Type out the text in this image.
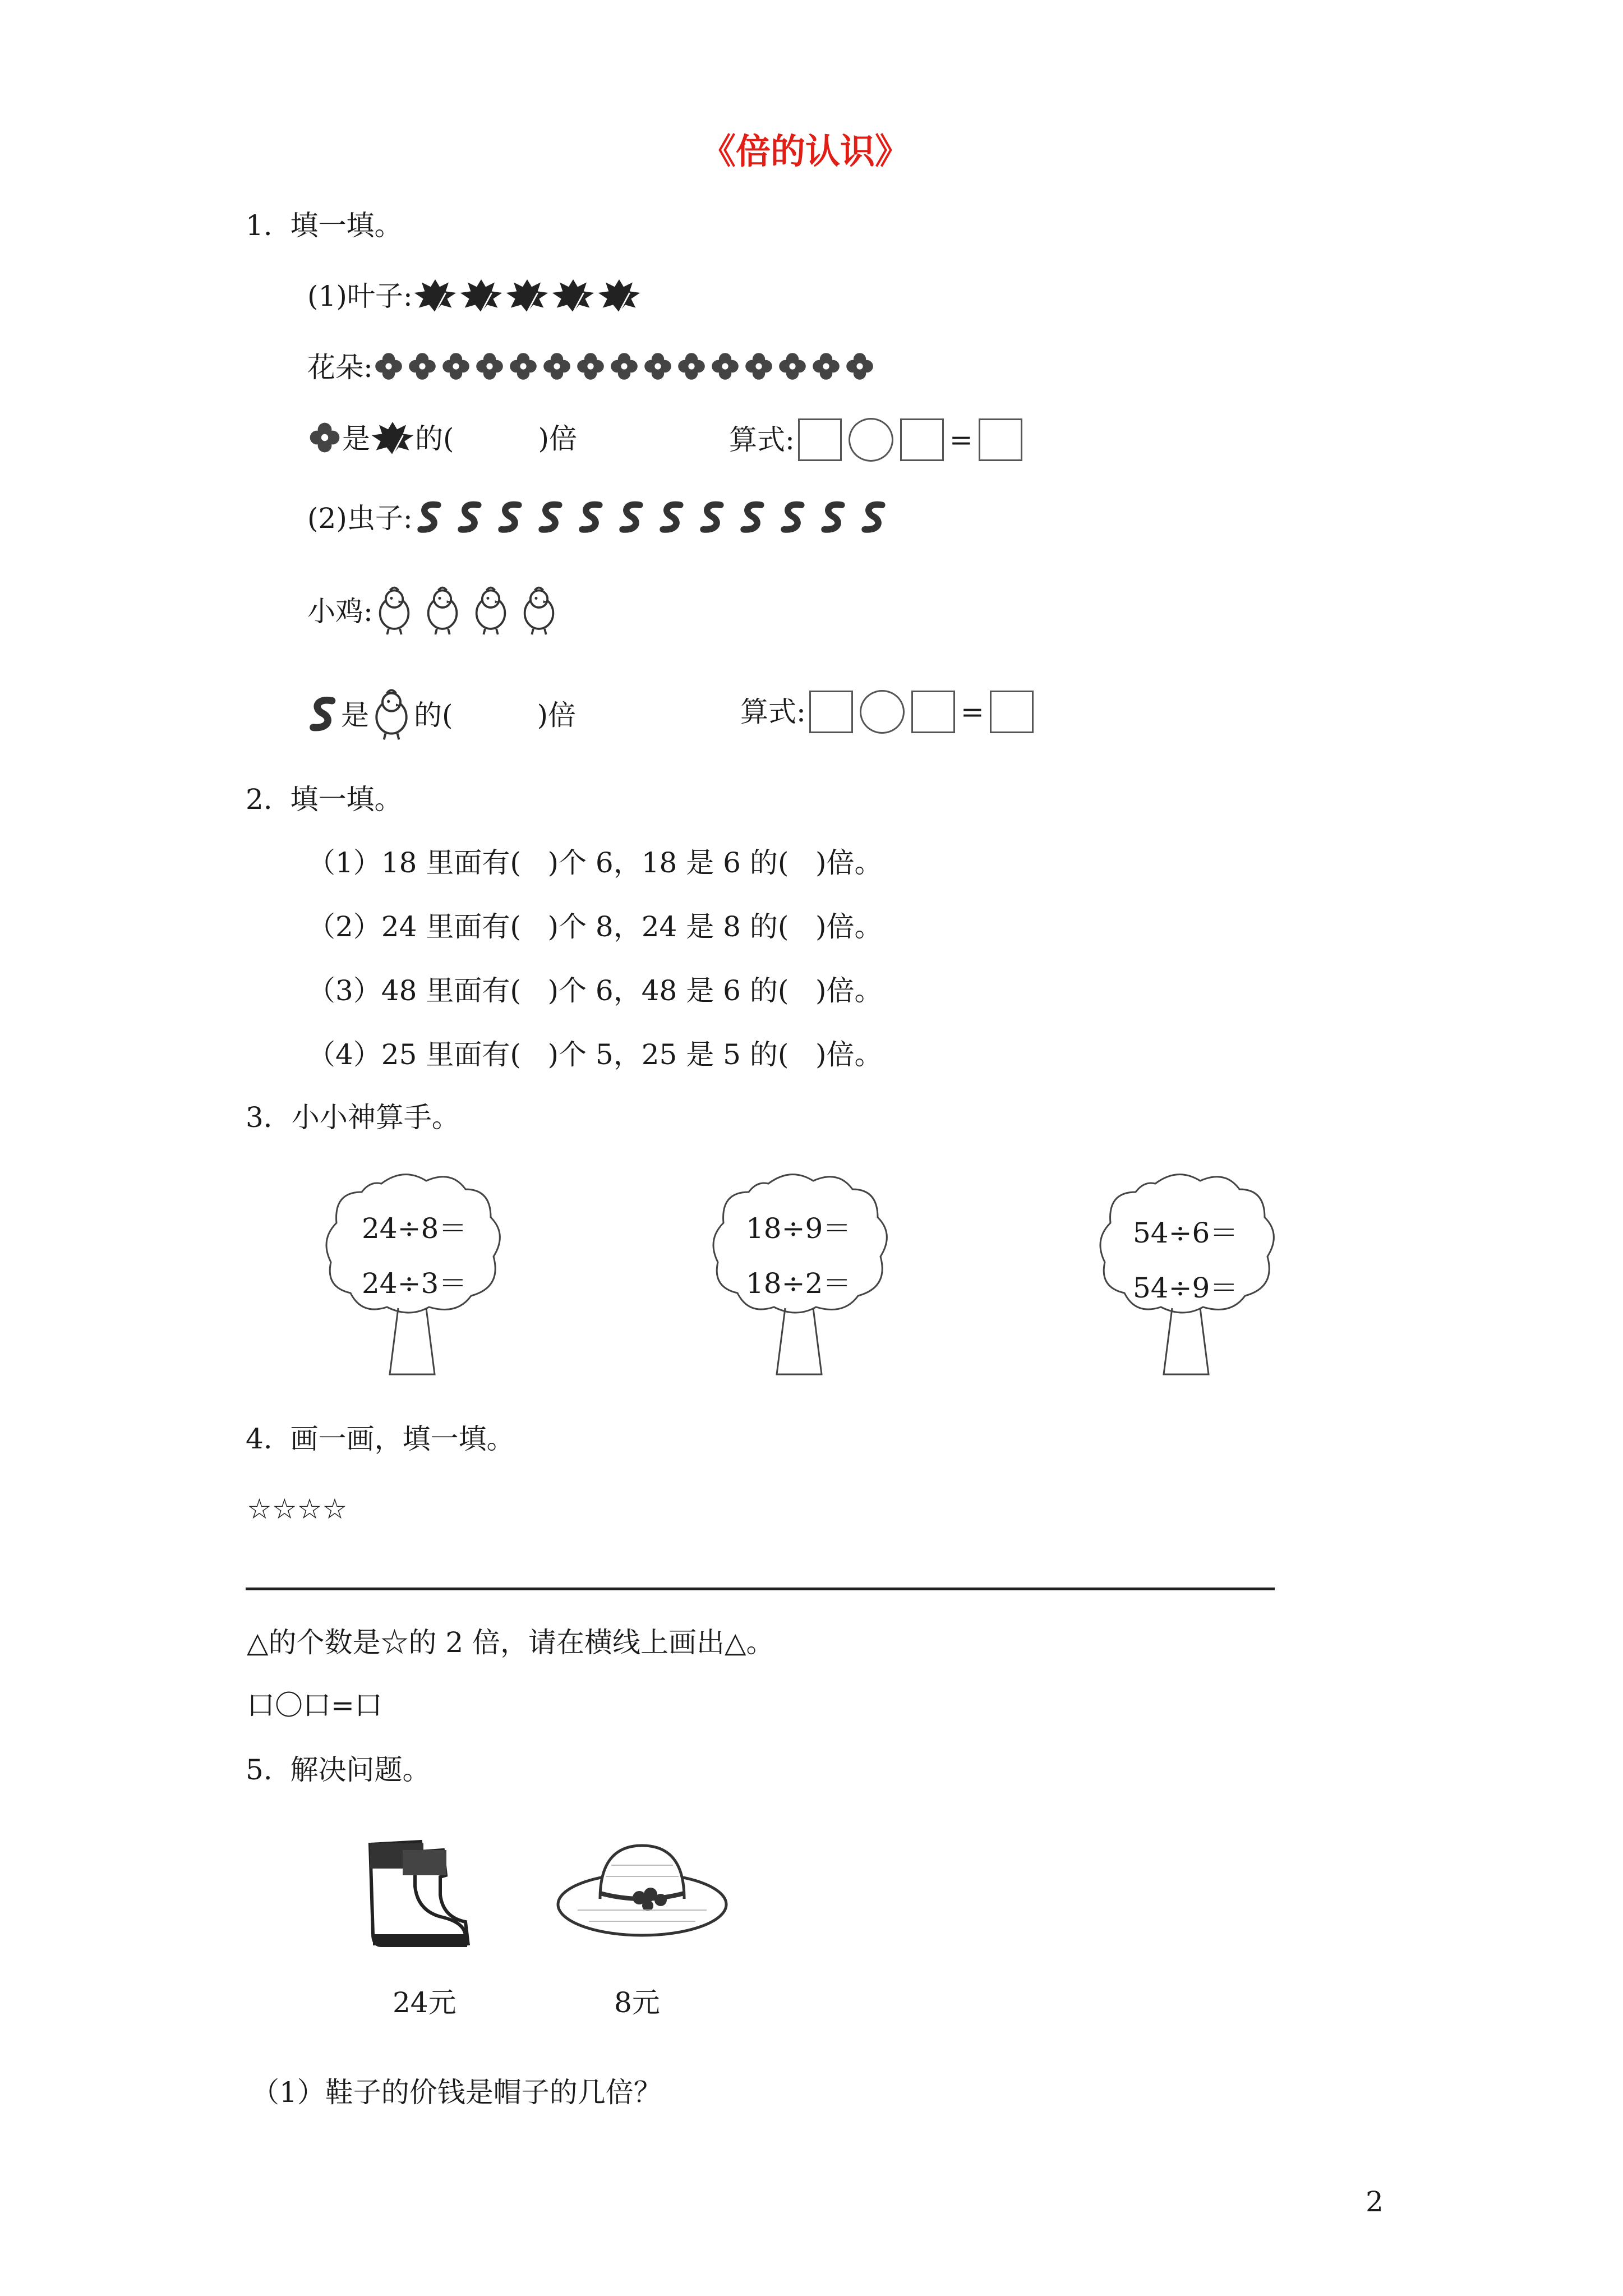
《倍的认识》
1.  填一填。
(1)叶子:
花朵:
是 的(
	)倍	算式:	=
(2)虫子:
小鸡:
是 的(
	)倍	算式:	=
2.  填一填。
（1）18 里面有(   )个 6，18 是 6 的(   )倍。
（2）24 里面有(   )个 8，24 是 8 的(   )倍。
（3）48 里面有(   )个 6，48 是 6 的(   )倍。
（4）25 里面有(   )个 5，25 是 5 的(   )倍。
3．小小神算手。
24÷8＝
24÷3＝
18÷9＝
18÷2＝
54÷6＝
54÷9＝
4.  画一画，填一填。
☆☆☆☆
△的个数是☆的 2 倍，请在横线上画出△。
口〇口=口
5.  解决问题。
24元	8元
（1）鞋子的价钱是帽子的几倍？
2
